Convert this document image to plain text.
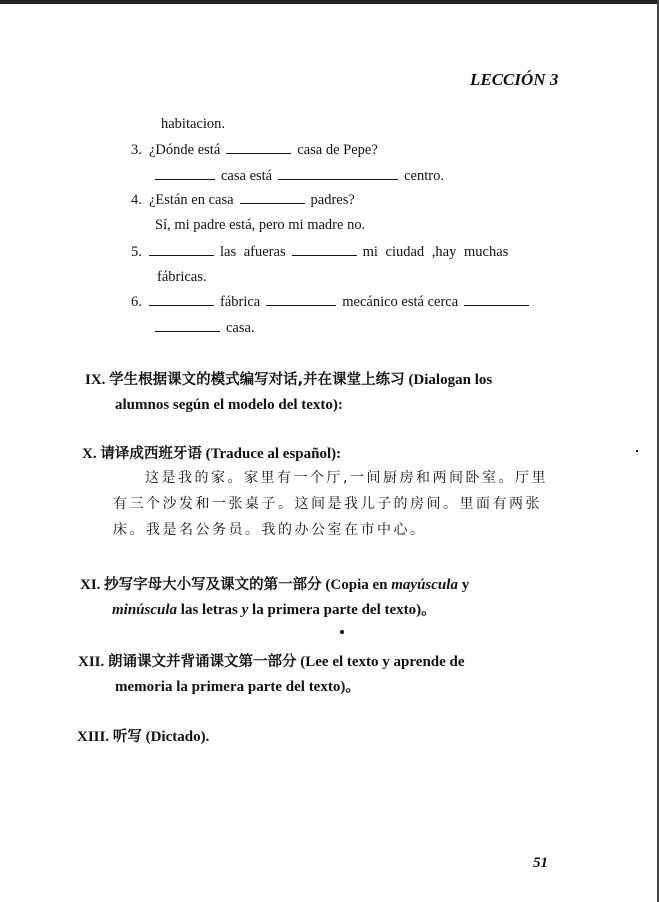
LECCIÓN 3
habitacion.
3. ¿Dónde está	casa de Pepe?
casa está	centro.
4. ¿Están en casa	padres?
Sí, mi padre está, pero mi madre no.
5.	las afueras	mi ciudad ,hay muchas
fábricas.
6.	fábrica	mecánico está cerca
casa.
IX. 学生根据课文的模式编写对话,并在课堂上练习 (Dialogan los
alumnos según el modelo del texto):
X. 请译成西班牙语 (Traduce al español):
这是我的家。家里有一个厅,一间厨房和两间卧室。厅里
有三个沙发和一张桌子。这间是我儿子的房间。里面有两张
床。我是名公务员。我的办公室在市中心。
XI. 抄写字母大小写及课文的第一部分 (Copia en mayúscula y
minúscula las letras y la primera parte del texto)。
XII. 朗诵课文并背诵课文第一部分 (Lee el texto y aprende de
memoria la primera parte del texto)。
XIII. 听写 (Dictado).
51
